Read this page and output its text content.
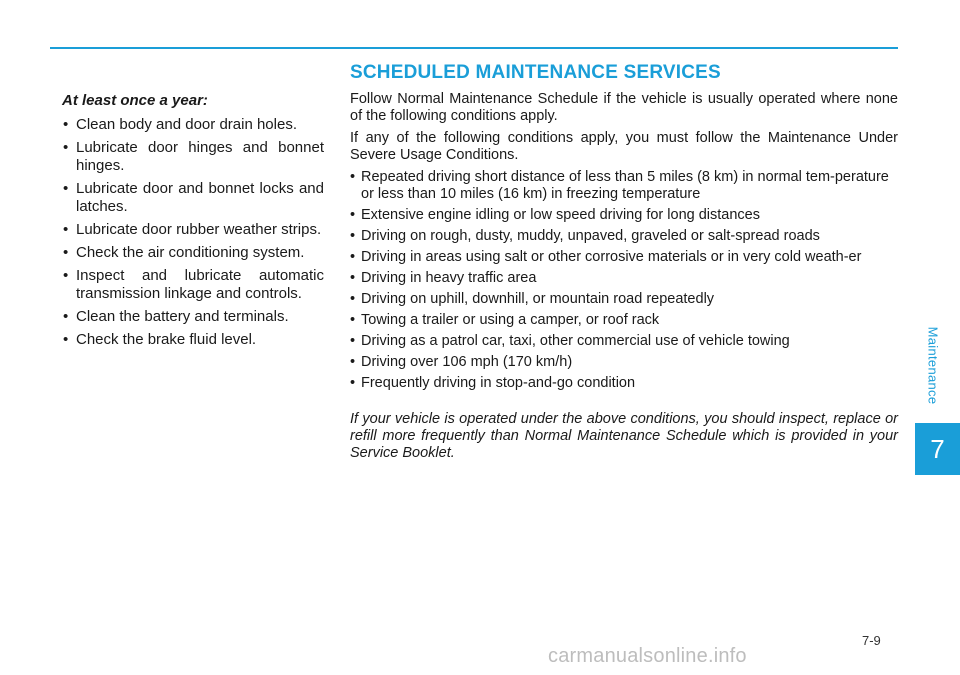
Maintenance
7
At least once a year:
• Clean body and door drain holes.
• Lubricate door hinges and bonnet hinges.
• Lubricate door and bonnet locks and latches.
• Lubricate door rubber weather strips.
• Check the air conditioning system.
• Inspect and lubricate automatic transmission linkage and controls.
• Clean the battery and terminals.
• Check the brake fluid level.
SCHEDULED MAINTENANCE SERVICES

Follow Normal Maintenance Schedule if the vehicle is usually operated where none of the following conditions apply.

If any of the following conditions apply, you must follow the Maintenance Under Severe Usage Conditions.

• Repeated driving short distance of less than 5 miles (8 km) in normal tem-perature or less than 10 miles (16 km) in freezing temperature
• Extensive engine idling or low speed driving for long distances
• Driving on rough, dusty, muddy, unpaved, graveled or salt-spread roads
• Driving in areas using salt or other corrosive materials or in very cold weath-er
• Driving in heavy traffic area
• Driving on uphill, downhill, or mountain road repeatedly
• Towing a trailer or using a camper, or roof rack
• Driving as a patrol car, taxi, other commercial use of vehicle towing
• Driving over 106 mph (170 km/h)
• Frequently driving in stop-and-go condition

If your vehicle is operated under the above conditions, you should inspect, replace or refill more frequently than Normal Maintenance Schedule which is provided in your Service Booklet.

7-9
carmanualsonline.info
